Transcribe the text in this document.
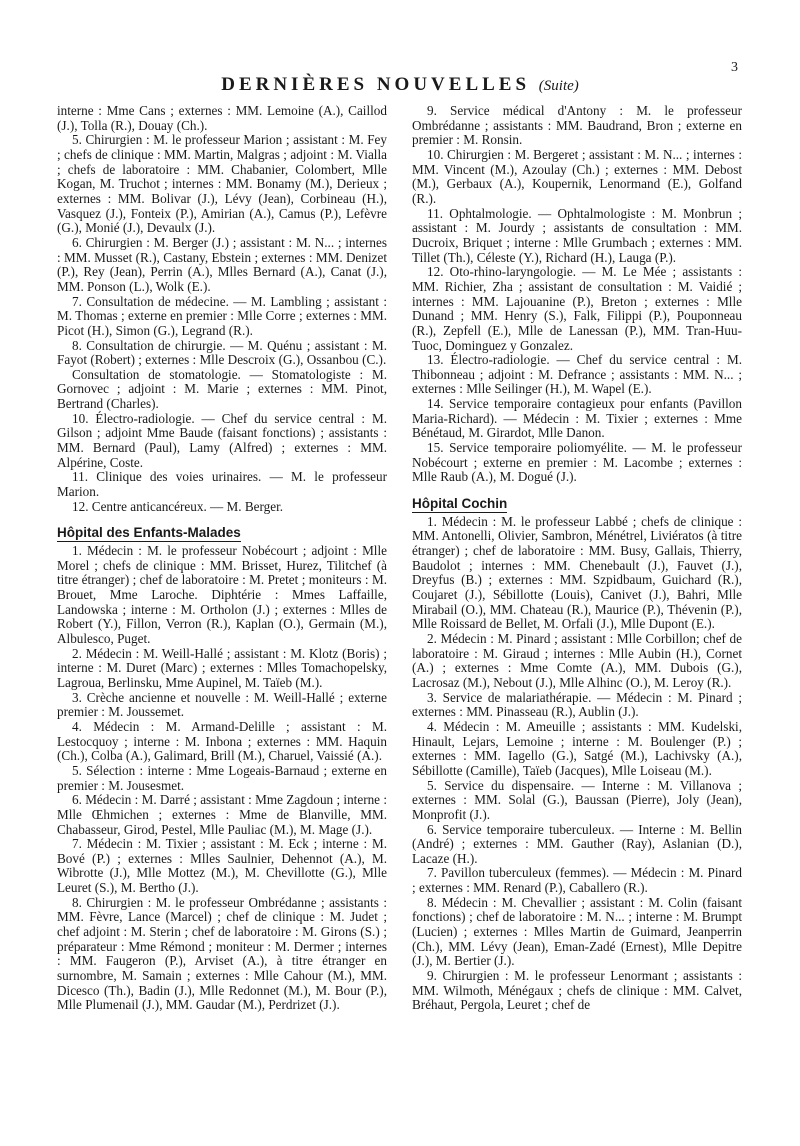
3
DERNIÈRES NOUVELLES (Suite)

interne : Mme Cans ; externes : MM. Lemoine (A.), Caillod (J.), Tolla (R.), Douay (Ch.).

5. Chirurgien : M. le professeur Marion ; assistant : M. Fey ; chefs de clinique : MM. Martin, Malgras ; adjoint : M. Vialla ; chefs de laboratoire : MM. Chabanier, Colombert, Mlle Kogan, M. Truchot ; internes : MM. Bonamy (M.), Derieux ; externes : MM. Bolivar (J.), Lévy (Jean), Corbineau (H.), Vasquez (J.), Fonteix (P.), Amirian (A.), Camus (P.), Lefèvre (G.), Monié (J.), Devaulx (J.).

6. Chirurgien : M. Berger (J.) ; assistant : M. N... ; internes : MM. Musset (R.), Castany, Ebstein ; externes : MM. Denizet (P.), Rey (Jean), Perrin (A.), Mlles Bernard (A.), Canat (J.), MM. Ponson (L.), Wolk (E.).

7. Consultation de médecine. — M. Lambling ; assistant : M. Thomas ; externe en premier : Mlle Corre ; externes : MM. Picot (H.), Simon (G.), Legrand (R.).

8. Consultation de chirurgie. — M. Quénu ; assistant : M. Fayot (Robert) ; externes : Mlle Descroix (G.), Ossanbou (C.).

Consultation de stomatologie. — Stomatologiste : M. Gornovec ; adjoint : M. Marie ; externes : MM. Pinot, Bertrand (Charles).

10. Électro-radiologie. — Chef du service central : M. Gilson ; adjoint Mme Baude (faisant fonctions) ; assistants : MM. Bernard (Paul), Lamy (Alfred) ; externes : MM. Alpérine, Coste.

11. Clinique des voies urinaires. — M. le professeur Marion.

12. Centre anticancéreux. — M. Berger.

Hôpital des Enfants-Malades

1. Médecin : M. le professeur Nobécourt ; adjoint : Mlle Morel ; chefs de clinique : MM. Brisset, Hurez, Tilitchef (à titre étranger) ; chef de laboratoire : M. Pretet ; moniteurs : M. Brouet, Mme Laroche. Diphtérie : Mmes Laffaille, Landowska ; interne : M. Ortholon (J.) ; externes : Mlles de Robert (Y.), Fillon, Verron (R.), Kaplan (O.), Germain (M.), Albulesco, Puget.

2. Médecin : M. Weill-Hallé ; assistant : M. Klotz (Boris) ; interne : M. Duret (Marc) ; externes : Mlles Tomachopelsky, Lagroua, Berlinsku, Mme Aupinel, M. Taïeb (M.).

3. Crèche ancienne et nouvelle : M. Weill-Hallé ; externe premier : M. Joussemet.

4. Médecin : M. Armand-Delille ; assistant : M. Lestocquoy ; interne : M. Inbona ; externes : MM. Haquin (Ch.), Colba (A.), Galimard, Brill (M.), Charuel, Vaissié (A.).

5. Sélection : interne : Mme Logeais-Barnaud ; externe en premier : M. Jousesmet.

6. Médecin : M. Darré ; assistant : Mme Zagdoun ; interne : Mlle Œhmichen ; externes : Mme de Blanville, MM. Chabasseur, Girod, Pestel, Mlle Pauliac (M.), M. Mage (J.).

7. Médecin : M. Tixier ; assistant : M. Eck ; interne : M. Bové (P.) ; externes : Mlles Saulnier, Dehennot (A.), M. Wibrotte (J.), Mlle Mottez (M.), M. Chevillotte (G.), Mlle Leuret (S.), M. Bertho (J.).

8. Chirurgien : M. le professeur Ombrédanne ; assistants : MM. Fèvre, Lance (Marcel) ; chef de clinique : M. Judet ; chef adjoint : M. Sterin ; chef de laboratoire : M. Girons (S.) ; préparateur : Mme Rémond ; moniteur : M. Dermer ; internes : MM. Faugeron (P.), Arviset (A.), à titre étranger en surnombre, M. Samain ; externes : Mlle Cahour (M.), MM. Dicesco (Th.), Badin (J.), Mlle Redonnet (M.), M. Bour (P.), Mlle Plumenail (J.), MM. Gaudar (M.), Perdrizet (J.).

9. Service médical d'Antony : M. le professeur Ombrédanne ; assistants : MM. Baudrand, Bron ; externe en premier : M. Ronsin.

10. Chirurgien : M. Bergeret ; assistant : M. N... ; internes : MM. Vincent (M.), Azoulay (Ch.) ; externes : MM. Debost (M.), Gerbaux (A.), Koupernik, Lenormand (E.), Golfand (R.).

11. Ophtalmologie. — Ophtalmologiste : M. Monbrun ; assistant : M. Jourdy ; assistants de consultation : MM. Ducroix, Briquet ; interne : Mlle Grumbach ; externes : MM. Tillet (Th.), Céleste (Y.), Richard (H.), Lauga (P.).

12. Oto-rhino-laryngologie. — M. Le Mée ; assistants : MM. Richier, Zha ; assistant de consultation : M. Vaidié ; internes : MM. Lajouanine (P.), Breton ; externes : Mlle Dunand ; MM. Henry (S.), Falk, Filippi (P.), Pouponneau (R.), Zepfell (E.), Mlle de Lanessan (P.), MM. Tran-Huu-Tuoc, Dominguez y Gonzalez.

13. Électro-radiologie. — Chef du service central : M. Thibonneau ; adjoint : M. Defrance ; assistants : MM. N... ; externes : Mlle Seilinger (H.), M. Wapel (E.).

14. Service temporaire contagieux pour enfants (Pavillon Maria-Richard). — Médecin : M. Tixier ; externes : Mme Bénétaud, M. Girardot, Mlle Danon.

15. Service temporaire poliomyélite. — M. le professeur Nobécourt ; externe en premier : M. Lacombe ; externes : Mlle Raub (A.), M. Dogué (J.).

Hôpital Cochin

1. Médecin : M. le professeur Labbé ; chefs de clinique : MM. Antonelli, Olivier, Sambron, Ménétrel, Liviératos (à titre étranger) ; chef de laboratoire : MM. Busy, Gallais, Thierry, Baudolot ; internes : MM. Chenebault (J.), Fauvet (J.), Dreyfus (B.) ; externes : MM. Szpidbaum, Guichard (R.), Coujaret (J.), Sébillotte (Louis), Canivet (J.), Bahri, Mlle Mirabail (O.), MM. Chateau (R.), Maurice (P.), Thévenin (P.), Mlle Roissard de Bellet, M. Orfali (J.), Mlle Dupont (E.).

2. Médecin : M. Pinard ; assistant : Mlle Corbillon; chef de laboratoire : M. Giraud ; internes : Mlle Aubin (H.), Cornet (A.) ; externes : Mme Comte (A.), MM. Dubois (G.), Lacrosaz (M.), Nebout (J.), Mlle Alhinc (O.), M. Leroy (R.).

3. Service de malariathérapie. — Médecin : M. Pinard ; externes : MM. Pinasseau (R.), Aublin (J.).

4. Médecin : M. Ameuille ; assistants : MM. Kudelski, Hinault, Lejars, Lemoine ; interne : M. Boulenger (P.) ; externes : MM. Iagello (G.), Satgé (M.), Lachivsky (A.), Sébillotte (Camille), Taïeb (Jacques), Mlle Loiseau (M.).

5. Service du dispensaire. — Interne : M. Villanova ; externes : MM. Solal (G.), Baussan (Pierre), Joly (Jean), Monprofit (J.).

6. Service temporaire tuberculeux. — Interne : M. Bellin (André) ; externes : MM. Gauther (Ray), Aslanian (D.), Lacaze (H.).

7. Pavillon tuberculeux (femmes). — Médecin : M. Pinard ; externes : MM. Renard (P.), Caballero (R.).

8. Médecin : M. Chevallier ; assistant : M. Colin (faisant fonctions) ; chef de laboratoire : M. N... ; interne : M. Brumpt (Lucien) ; externes : Mlles Martin de Guimard, Jeanperrin (Ch.), MM. Lévy (Jean), Eman-Zadé (Ernest), Mlle Depitre (J.), M. Bertier (J.).

9. Chirurgien : M. le professeur Lenormant ; assistants : MM. Wilmoth, Ménégaux ; chefs de clinique : MM. Calvet, Bréhaut, Pergola, Leuret ; chef de
